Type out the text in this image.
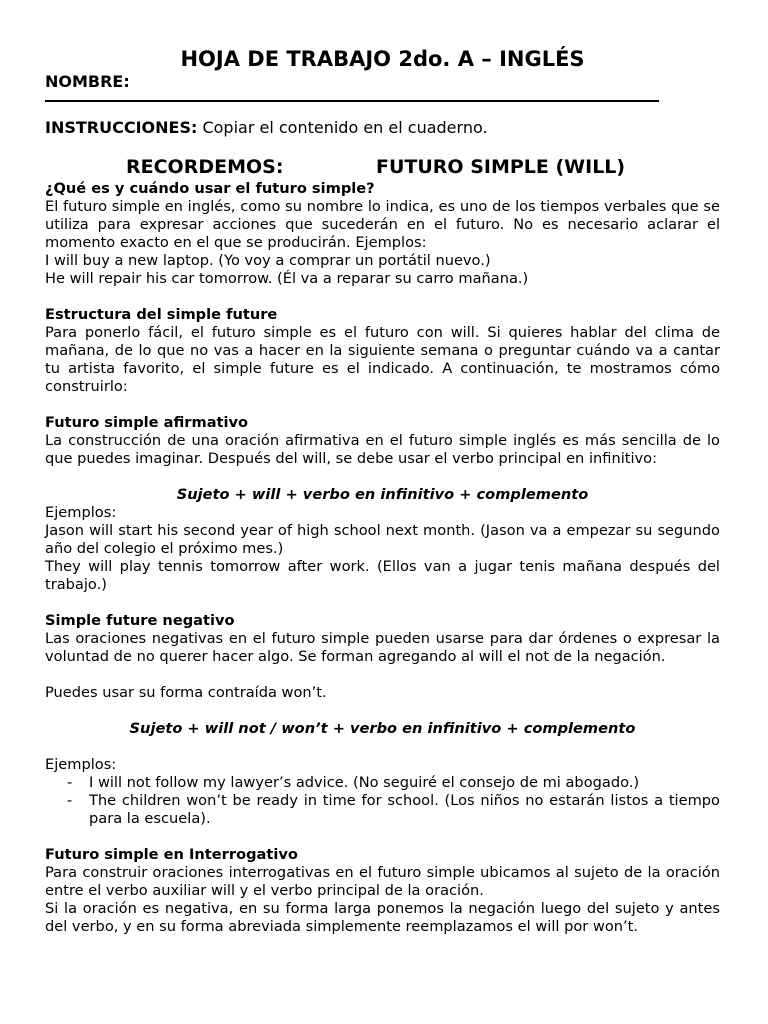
HOJA DE TRABAJO 2do. A – INGLÉS

NOMBRE:

INSTRUCCIONES: Copiar el contenido en el cuaderno.

RECORDEMOS:	FUTURO SIMPLE (WILL)

¿Qué es y cuándo usar el futuro simple?

El futuro simple en inglés, como su nombre lo indica, es uno de los tiempos verbales que se utiliza para expresar acciones que sucederán en el futuro. No es necesario aclarar el momento exacto en el que se producirán. Ejemplos:

I will buy a new laptop. (Yo voy a comprar un portátil nuevo.)

He will repair his car tomorrow. (Él va a reparar su carro mañana.)

Estructura del simple future

Para ponerlo fácil, el futuro simple es el futuro con will. Si quieres hablar del clima de mañana, de lo que no vas a hacer en la siguiente semana o preguntar cuándo va a cantar tu artista favorito, el simple future es el indicado. A continuación, te mostramos cómo construirlo:

Futuro simple afirmativo

La construcción de una oración afirmativa en el futuro simple inglés es más sencilla de lo que puedes imaginar. Después del will, se debe usar el verbo principal en infinitivo:

Sujeto + will + verbo en infinitivo + complemento

Ejemplos:

Jason will start his second year of high school next month. (Jason va a empezar su segundo año del colegio el próximo mes.)

They will play tennis tomorrow after work. (Ellos van a jugar tenis mañana después del trabajo.)

Simple future negativo

Las oraciones negativas en el futuro simple pueden usarse para dar órdenes o expresar la voluntad de no querer hacer algo. Se forman agregando al will el not de la negación.

Puedes usar su forma contraída won’t.

Sujeto + will not / won’t + verbo en infinitivo + complemento

Ejemplos:

- I will not follow my lawyer’s advice. (No seguiré el consejo de mi abogado.)
- The children won’t be ready in time for school. (Los niños no estarán listos a tiempo para la escuela).

Futuro simple en Interrogativo

Para construir oraciones interrogativas en el futuro simple ubicamos al sujeto de la oración entre el verbo auxiliar will y el verbo principal de la oración.

Si la oración es negativa, en su forma larga ponemos la negación luego del sujeto y antes del verbo, y en su forma abreviada simplemente reemplazamos el will por won’t.
